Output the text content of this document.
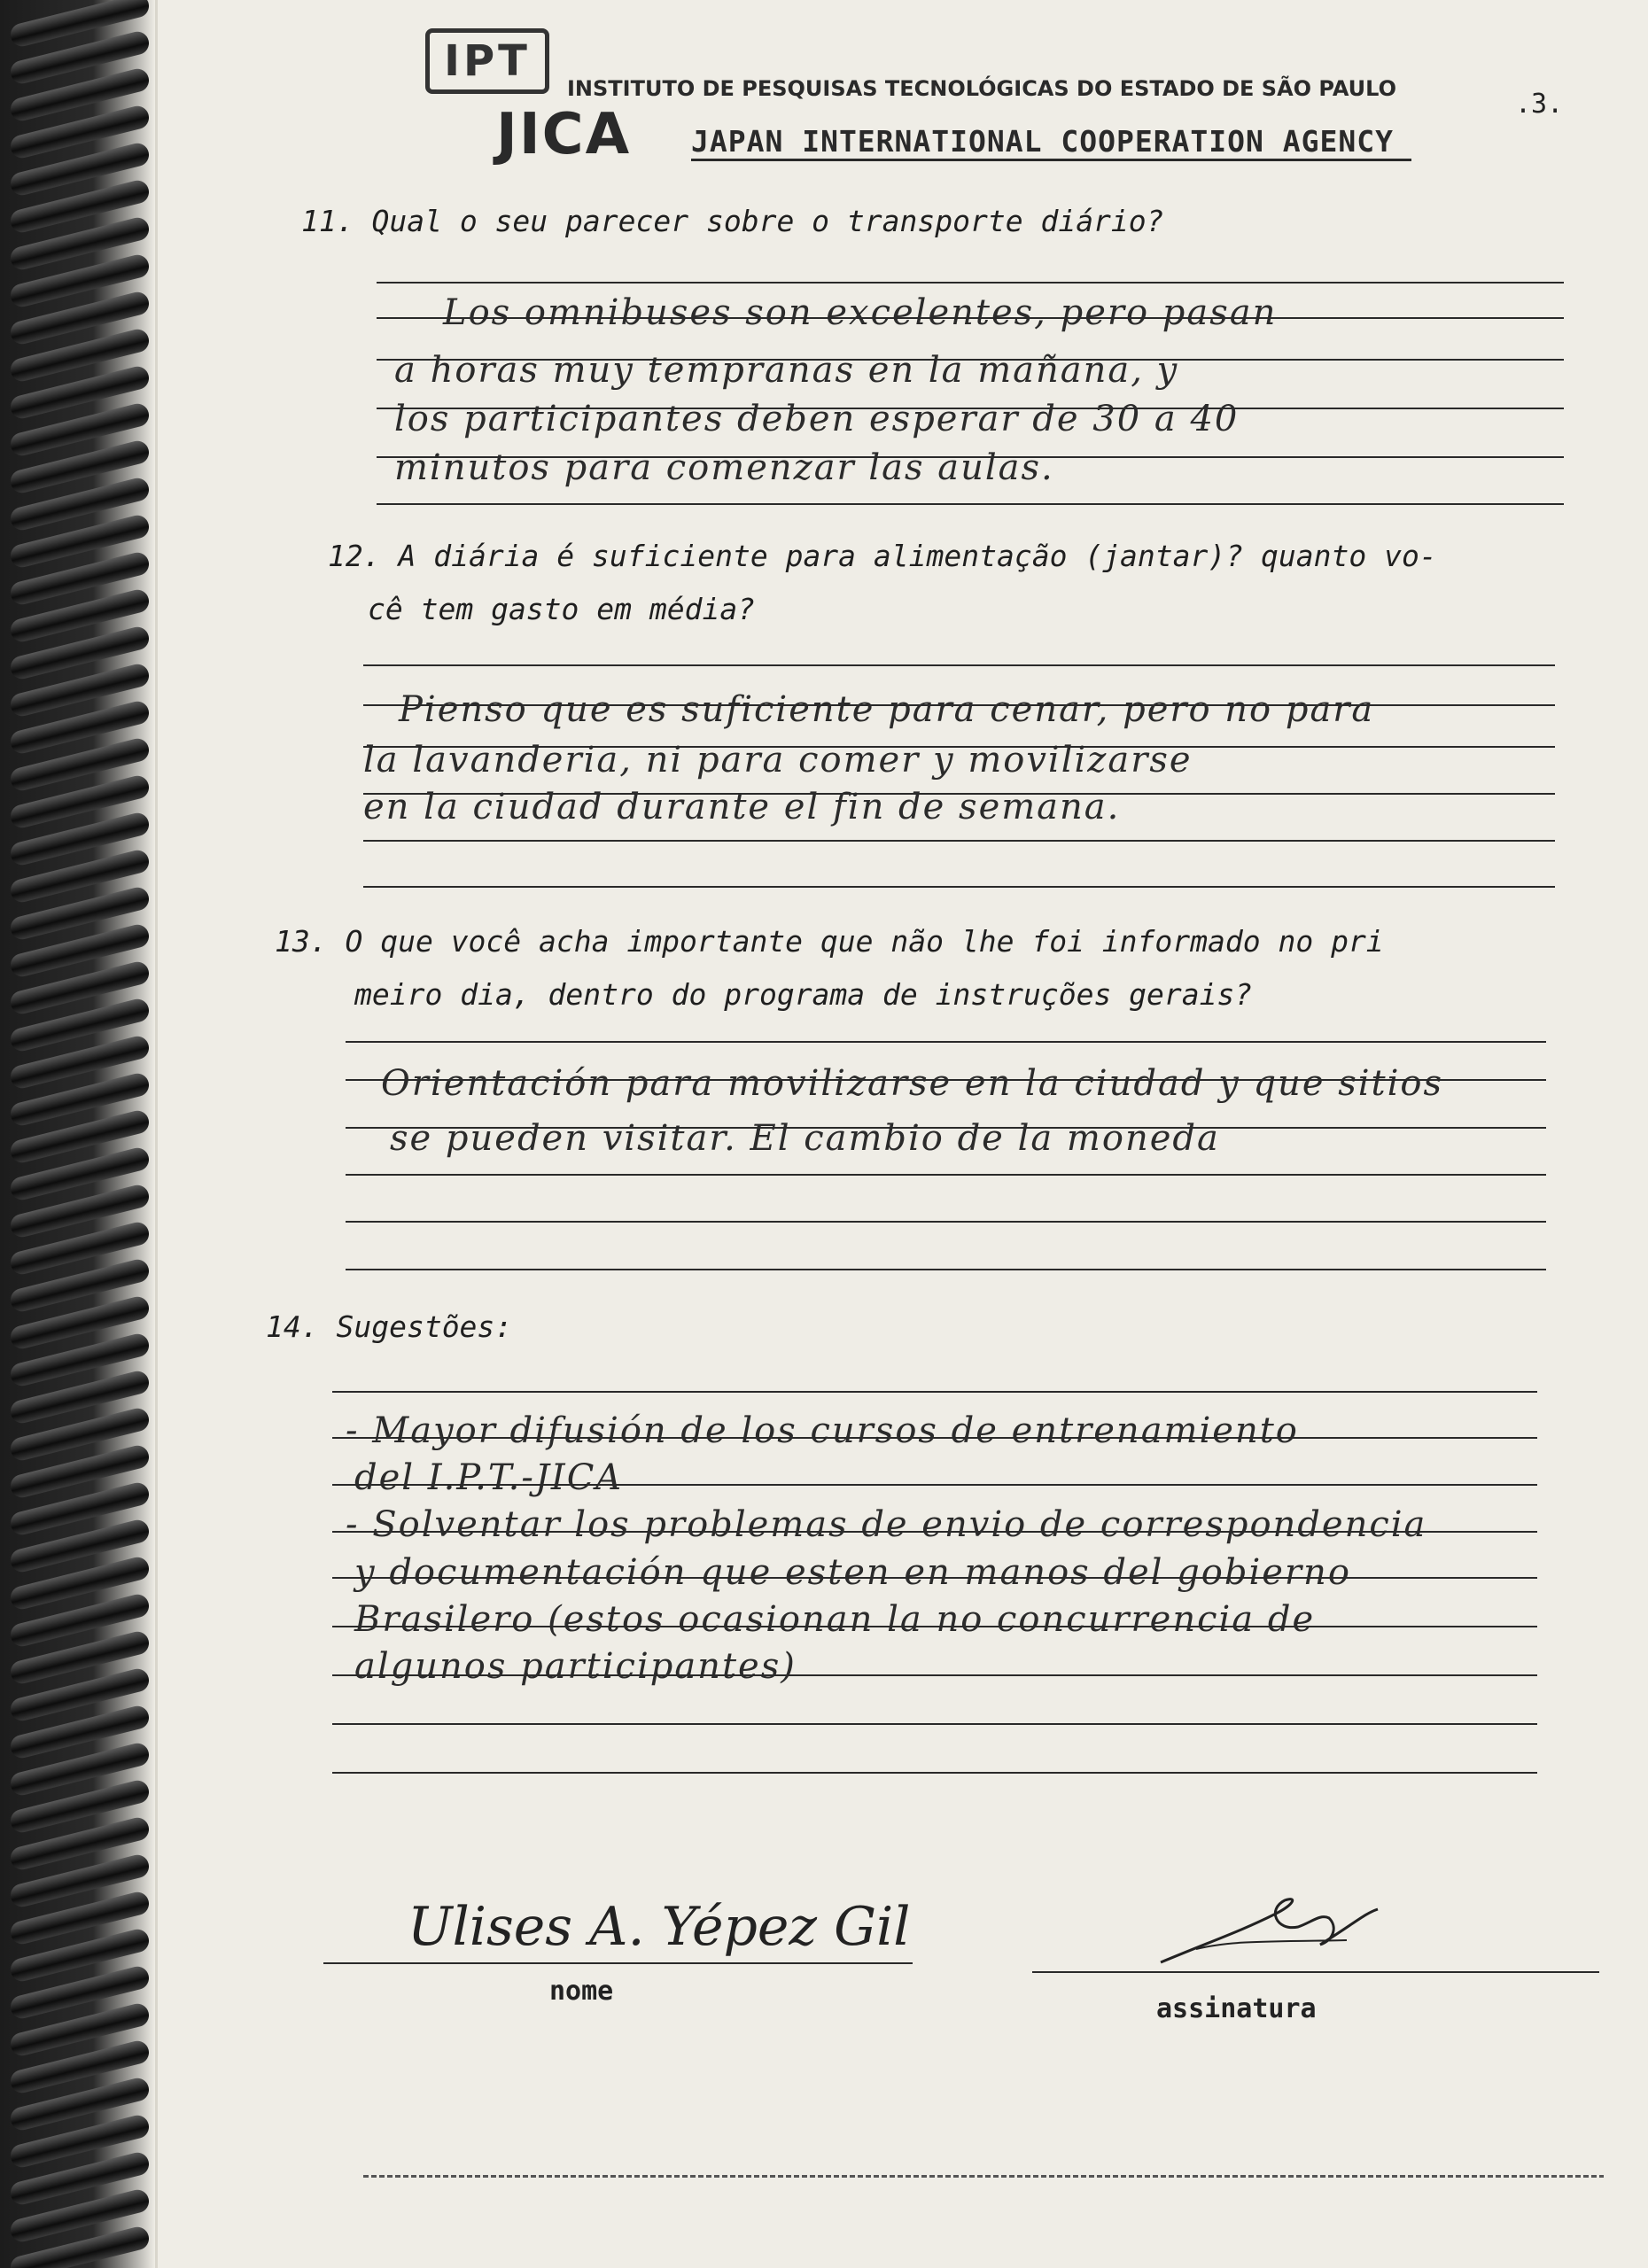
IPT
INSTITUTO DE PESQUISAS TECNOLÓGICAS DO ESTADO DE SÃO PAULO
JICA JAPAN INTERNATIONAL COOPERATION AGENCY
.3.
11. Qual o seu parecer sobre o transporte diário?
Los omnibuses son excelentes, pero pasan
a horas muy tempranas en la mañana, y
los participantes deben esperar de 30 a 40
minutos para comenzar las aulas.
12. A diária é suficiente para alimentação (jantar)? quanto vo-
cê tem gasto em média?
Pienso que es suficiente para cenar, pero no para
la lavanderia, ni para comer y movilizarse
en la ciudad durante el fin de semana.
13. O que você acha importante que não lhe foi informado no pri
meiro dia, dentro do programa de instruções gerais?
Orientación para movilizarse en la ciudad y que sitios
se pueden visitar. El cambio de la moneda
14. Sugestões:
- Mayor difusión de los cursos de entrenamiento
del I.P.T.-JICA
- Solventar los problemas de envio de correspondencia
y documentación que esten en manos del gobierno
Brasilero (estos ocasionan la no concurrencia de
algunos participantes)
Ulises A. Yépez Gil
nome
assinatura
